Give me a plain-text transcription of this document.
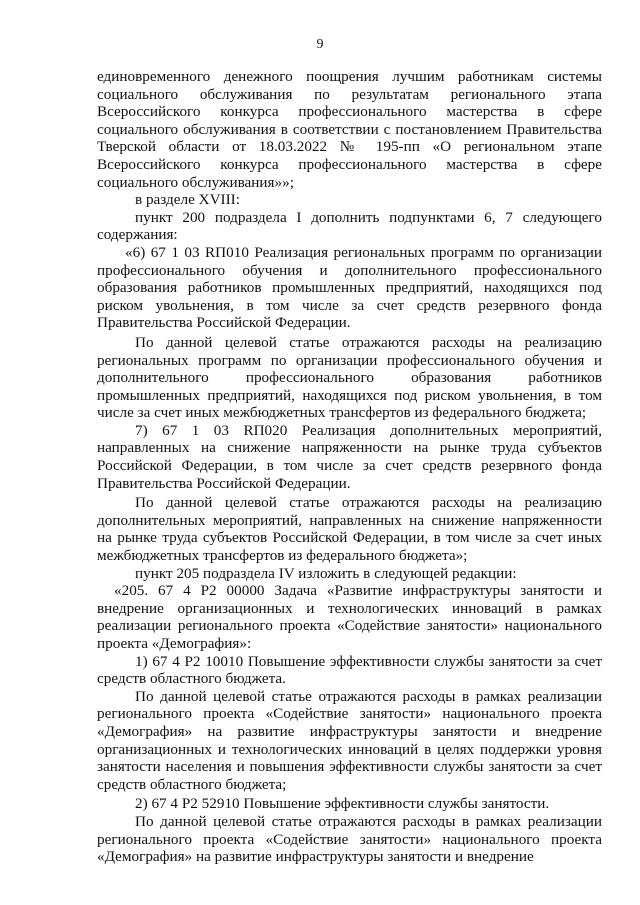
9

единовременного денежного поощрения лучшим работникам системы социального обслуживания по результатам регионального этапа Всероссийского конкурса профессионального мастерства в сфере социального обслуживания в соответствии с постановлением Правительства Тверской области от 18.03.2022 № 195-пп «О региональном этапе Всероссийского конкурса профессионального мастерства в сфере социального обслуживания»»;

в разделе XVIII:

пункт 200 подраздела I дополнить подпунктами 6, 7 следующего содержания:

«6) 67 1 03 RП010 Реализация региональных программ по организации профессионального обучения и дополнительного профессионального образования работников промышленных предприятий, находящихся под риском увольнения, в том числе за счет средств резервного фонда Правительства Российской Федерации.

По данной целевой статье отражаются расходы на реализацию региональных программ по организации профессионального обучения и дополнительного профессионального образования работников промышленных предприятий, находящихся под риском увольнения, в том числе за счет иных межбюджетных трансфертов из федерального бюджета;

7) 67 1 03 RП020 Реализация дополнительных мероприятий, направленных на снижение напряженности на рынке труда субъектов Российской Федерации, в том числе за счет средств резервного фонда Правительства Российской Федерации.

По данной целевой статье отражаются расходы на реализацию дополнительных мероприятий, направленных на снижение напряженности на рынке труда субъектов Российской Федерации, в том числе за счет иных межбюджетных трансфертов из федерального бюджета»;

пункт 205 подраздела IV изложить в следующей редакции:

«205. 67 4 Р2 00000 Задача «Развитие инфраструктуры занятости и внедрение организационных и технологических инноваций в рамках реализации регионального проекта «Содействие занятости» национального проекта «Демография»:

1) 67 4 Р2 10010 Повышение эффективности службы занятости за счет средств областного бюджета.

По данной целевой статье отражаются расходы в рамках реализации регионального проекта «Содействие занятости» национального проекта «Демография» на развитие инфраструктуры занятости и внедрение организационных и технологических инноваций в целях поддержки уровня занятости населения и повышения эффективности службы занятости за счет средств областного бюджета;

2) 67 4 Р2 52910 Повышение эффективности службы занятости.

По данной целевой статье отражаются расходы в рамках реализации регионального проекта «Содействие занятости» национального проекта «Демография» на развитие инфраструктуры занятости и внедрение
